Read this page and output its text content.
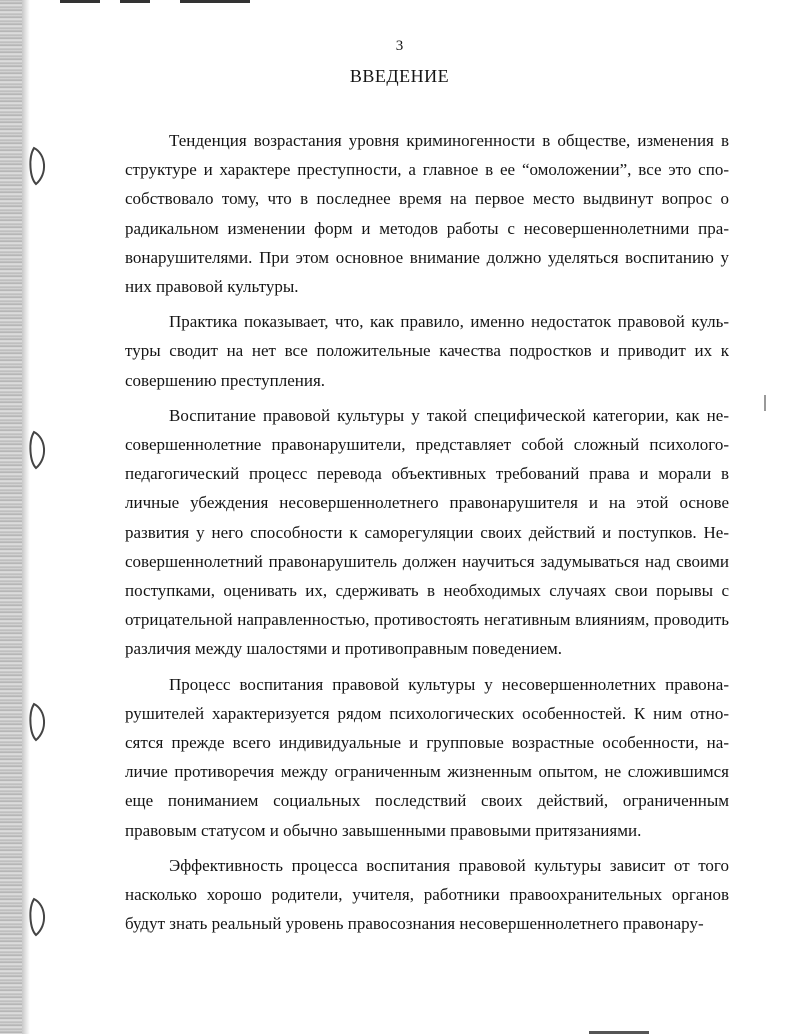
3
ВВЕДЕНИЕ

Тенденция возрастания уровня криминогенности в обществе, изменения в структуре и характере преступности, а главное в ее “омоложении”, все это способствовало тому, что в последнее время на первое место выдвинут вопрос о радикальном изменении форм и методов работы с несовершеннолетними правонарушителями. При этом основное внимание должно уделяться воспитанию у них правовой культуры.

Практика показывает, что, как правило, именно недостаток правовой культуры сводит на нет все положительные качества подростков и приводит их к совершению преступления.

Воспитание правовой культуры у такой специфической категории, как несовершеннолетние правонарушители, представляет собой сложный психолого-педагогический процесс перевода объективных требований права и морали в личные убеждения несовершеннолетнего правонарушителя и на этой основе развития у него способности к саморегуляции своих действий и поступков. Несовершеннолетний правонарушитель должен научиться задумываться над своими поступками, оценивать их, сдерживать в необходимых случаях свои порывы с отрицательной направленностью, противостоять негативным влияниям, проводить различия между шалостями и противоправным поведением.

Процесс воспитания правовой культуры у несовершеннолетних правонарушителей характеризуется рядом психологических особенностей. К ним относятся прежде всего индивидуальные и групповые возрастные особенности, наличие противоречия между ограниченным жизненным опытом, не сложившимся еще пониманием социальных последствий своих действий, ограниченным правовым статусом и обычно завышенными правовыми притязаниями.

Эффективность процесса воспитания правовой культуры зависит от того насколько хорошо родители, учителя, работники правоохранительных органов будут знать реальный уровень правосознания несовершеннолетнего правонару-
